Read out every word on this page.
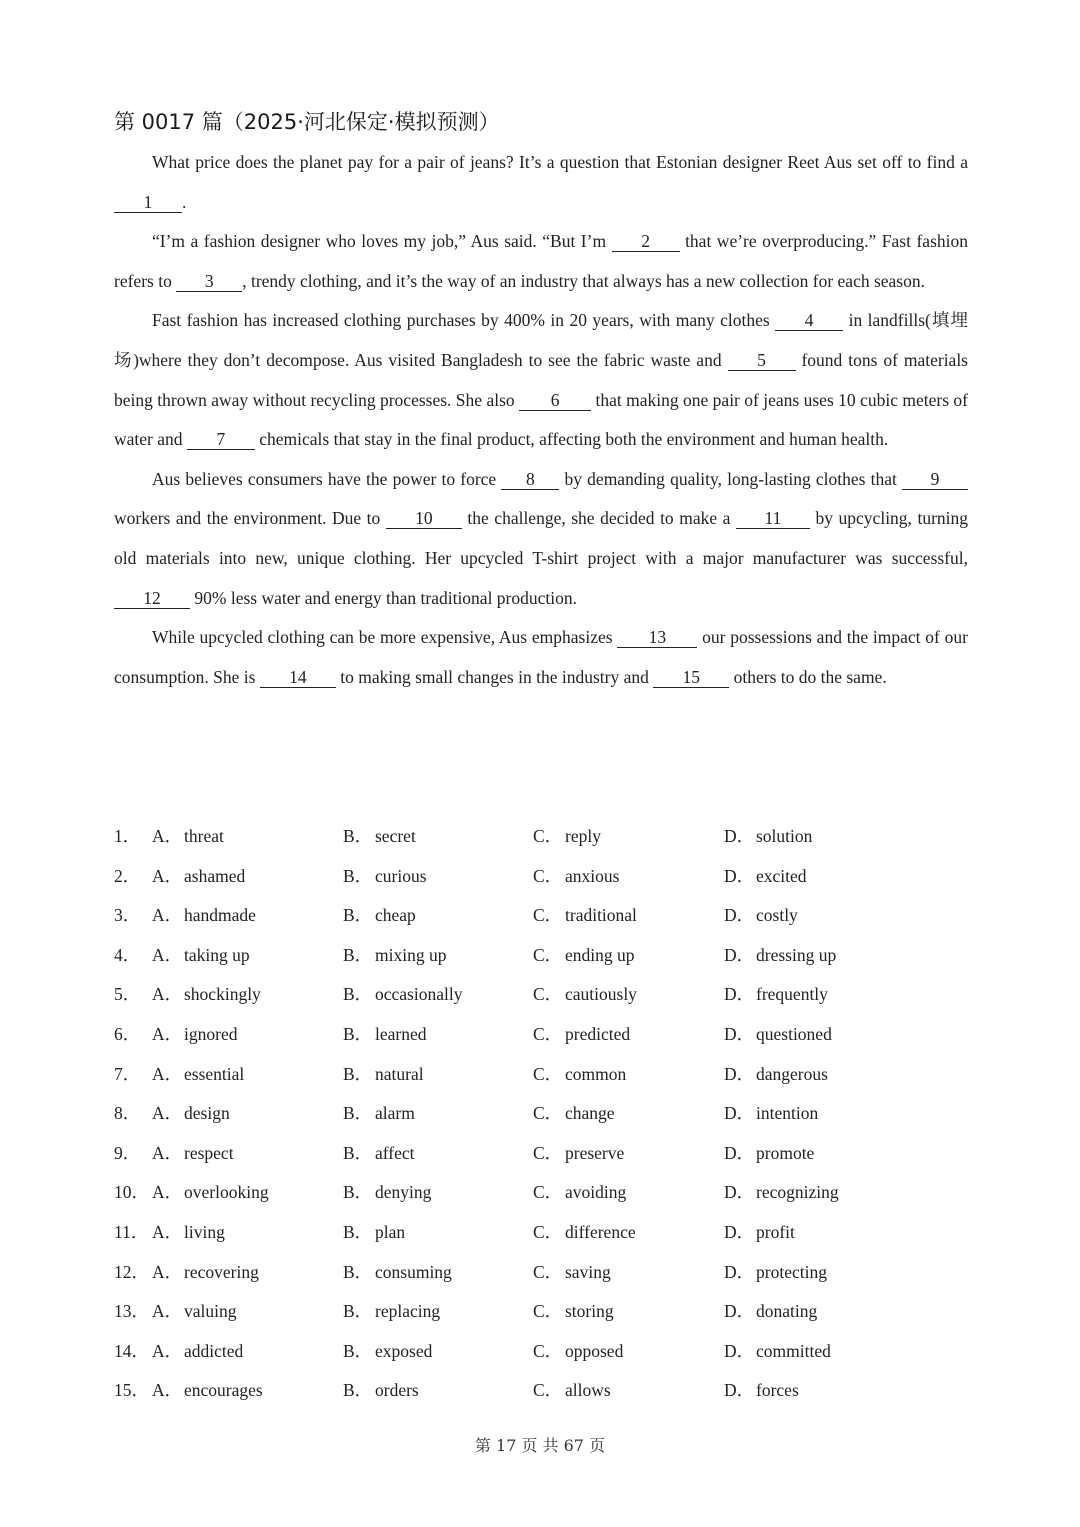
第 0017 篇（2025·河北保定·模拟预测）

What price does the planet pay for a pair of jeans? It’s a question that Estonian designer Reet Aus set off to find a 1 .

“I’m a fashion designer who loves my job,” Aus said. “But I’m 2 that we’re overproducing.” Fast fashion refers to 3 , trendy clothing, and it’s the way of an industry that always has a new collection for each season.

Fast fashion has increased clothing purchases by 400% in 20 years, with many clothes 4 in landfills(填埋场)where they don’t decompose. Aus visited Bangladesh to see the fabric waste and 5 found tons of materials being thrown away without recycling processes. She also 6 that making one pair of jeans uses 10 cubic meters of water and 7 chemicals that stay in the final product, affecting both the environment and human health.

Aus believes consumers have the power to force 8 by demanding quality, long-lasting clothes that 9 workers and the environment. Due to 10 the challenge, she decided to make a 11 by upcycling, turning old materials into new, unique clothing. Her upcycled T-shirt project with a major manufacturer was successful, 12 90% less water and energy than traditional production.

While upcycled clothing can be more expensive, Aus emphasizes 13 our possessions and the impact of our consumption. She is 14 to making small changes in the industry and 15 others to do the same.

1． A． threat	B． secret	C． reply	D． solution
2． A． ashamed	B． curious	C． anxious	D． excited
3． A． handmade	B． cheap	C． traditional	D． costly
4． A． taking up	B． mixing up	C． ending up	D． dressing up
5． A． shockingly	B． occasionally	C． cautiously	D． frequently
6． A． ignored	B． learned	C． predicted	D． questioned
7． A． essential	B． natural	C． common	D． dangerous
8． A． design	B． alarm	C． change	D． intention
9． A． respect	B． affect	C． preserve	D． promote
10． A． overlooking	B． denying	C． avoiding	D． recognizing
11． A． living	B． plan	C． difference	D． profit
12． A． recovering	B． consuming	C． saving	D． protecting
13． A． valuing	B． replacing	C． storing	D． donating
14． A． addicted	B． exposed	C． opposed	D． committed
15． A． encourages	B． orders	C． allows	D． forces
第 17 页 共 67 页
